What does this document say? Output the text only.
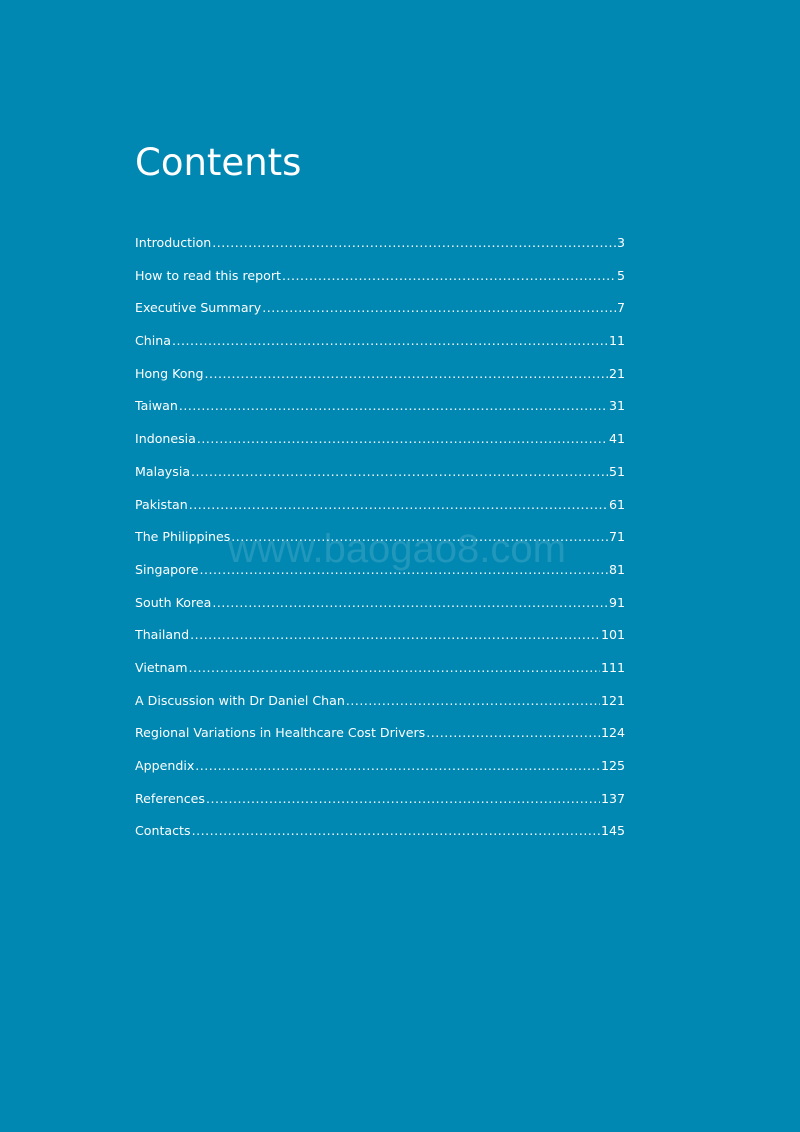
Contents
Introduction .....	3
How to read this report .....	5
Executive Summary .....	7
China .....	11
Hong Kong .....	21
Taiwan .....	31
Indonesia .....	41
Malaysia .....	51
Pakistan .....	61
The Philippines .....	71
Singapore .....	81
South Korea .....	91
Thailand .....	101
Vietnam .....	111
A Discussion with Dr Daniel Chan .....	121
Regional Variations in Healthcare Cost Drivers .....	124
Appendix .....	125
References .....	137
Contacts .....	145
www.baogao8.com
